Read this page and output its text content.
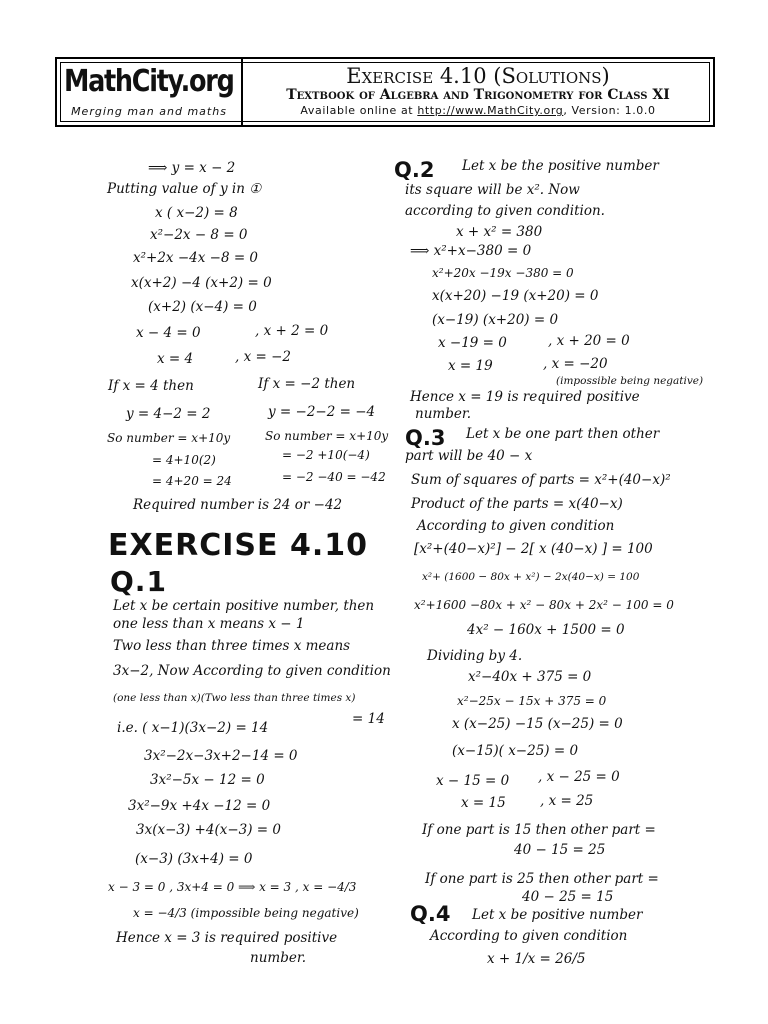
MathCity.org
Merging man and maths
Exercise 4.10 (Solutions)
Textbook of Algebra and Trigonometry for Class XI
Available online at http://www.MathCity.org, Version: 1.0.0
⟹ y = x − 2
Putting value of y in ①
x ( x−2) = 8
x²−2x − 8 = 0
x²+2x −4x −8 = 0
x(x+2) −4 (x+2) = 0
(x+2) (x−4) = 0
x − 4 = 0	, x + 2 = 0
x = 4	, x = −2
If x = 4 then	If x = −2 then
y = 4−2 = 2	y = −2−2 = −4
So number = x+10y	So number = x+10y
= 4+10(2)	= −2 +10(−4)
= 4+20 = 24	= −2 −40 = −42
Required number is 24 or −42
EXERCISE 4.10
Q.1
Let x be certain positive number, then
one less than x means x − 1
Two less than three times x means
3x−2, Now According to given condition
(one less than x)(Two less than three times x)
= 14
i.e. ( x−1)(3x−2) = 14
3x²−2x−3x+2−14 = 0
3x²−5x − 12 = 0
3x²−9x +4x −12 = 0
3x(x−3) +4(x−3) = 0
(x−3) (3x+4) = 0
x − 3 = 0 , 3x+4 = 0 ⟹ x = 3 , x = −4/3
x = −4/3 (impossible being negative)
Hence x = 3 is required positive
number.
Q.2 Let x be the positive number
its square will be x². Now
according to given condition.
x + x² = 380
⟹ x²+x−380 = 0
x²+20x −19x −380 = 0
x(x+20) −19 (x+20) = 0
(x−19) (x+20) = 0
x −19 = 0	, x + 20 = 0
x = 19	, x = −20
(impossible being negative)
Hence x = 19 is required positive
number.
Q.3 Let x be one part then other
part will be 40 − x
Sum of squares of parts = x²+(40−x)²
Product of the parts = x(40−x)
According to given condition
[x²+(40−x)²] − 2[ x (40−x) ] = 100
x²+ (1600 − 80x + x²) − 2x(40−x) = 100
x²+1600 −80x + x² − 80x + 2x² − 100 = 0
4x² − 160x + 1500 = 0
Dividing by 4.
x²−40x + 375 = 0
x²−25x − 15x + 375 = 0
x (x−25) −15 (x−25) = 0
(x−15)( x−25) = 0
x − 15 = 0 , x − 25 = 0
x = 15	, x = 25
If one part is 15 then other part =
40 − 15 = 25
If one part is 25 then other part =
40 − 25 = 15
Q.4 Let x be positive number
According to given condition
x + 1/x = 26/5
